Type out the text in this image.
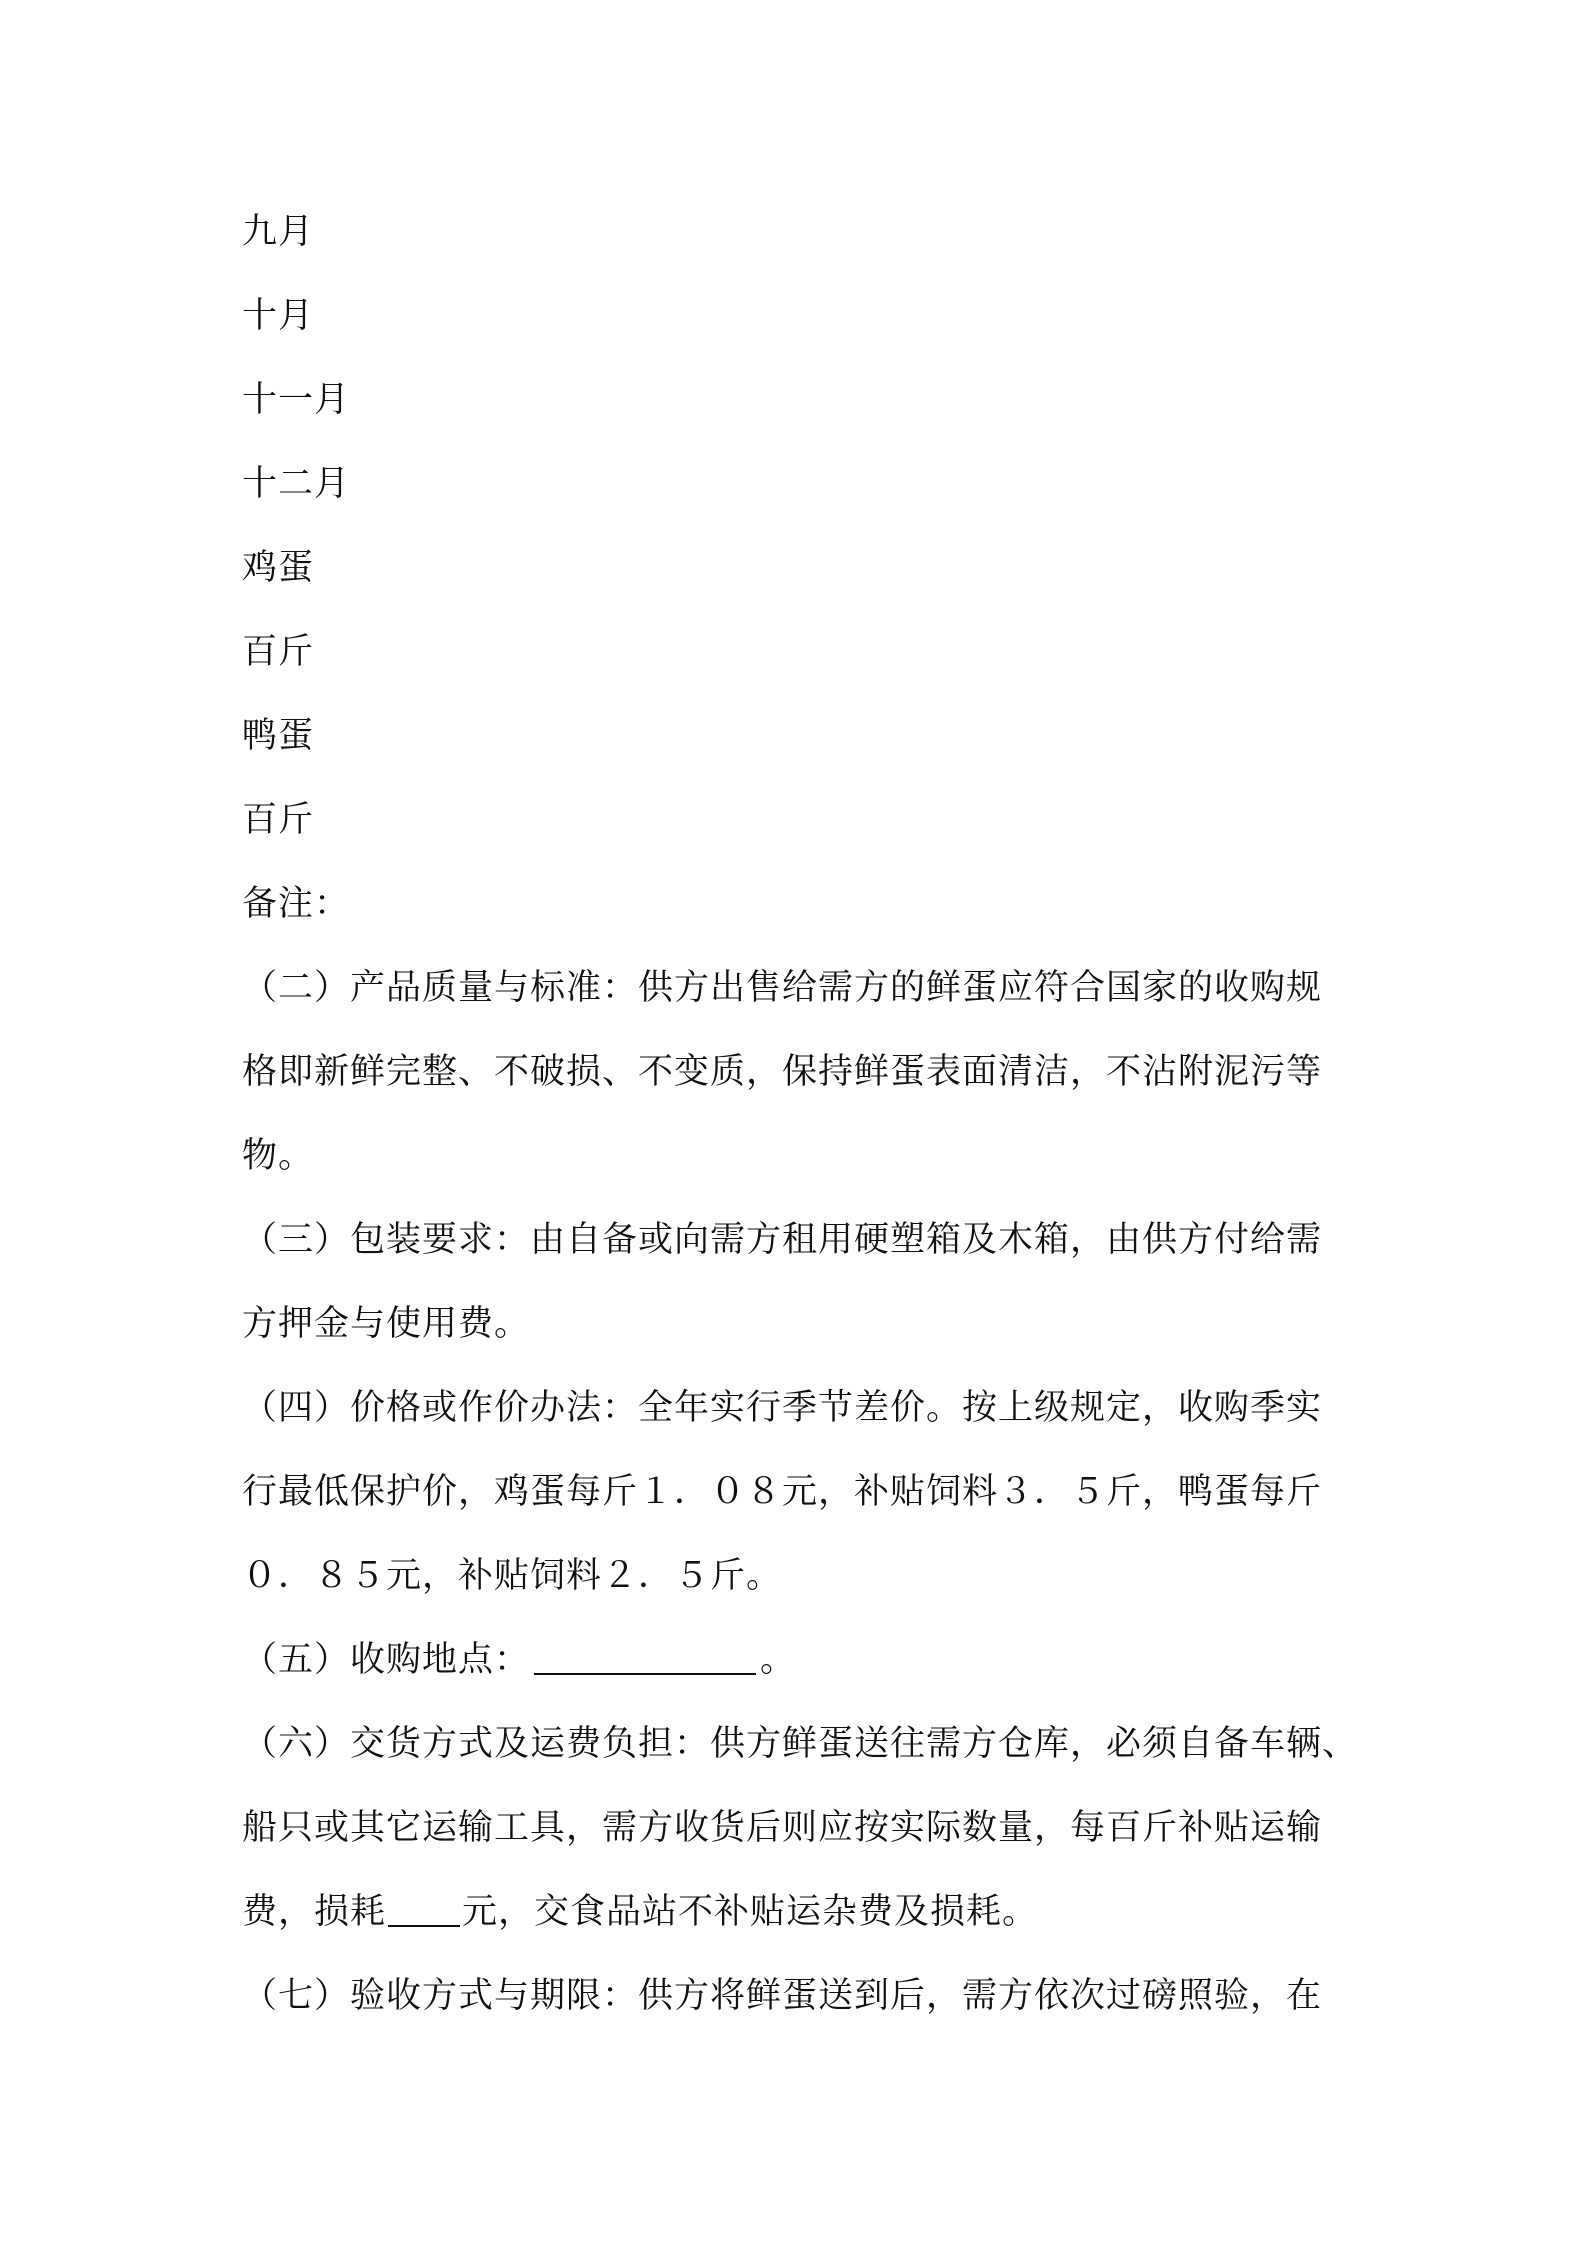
九月
十月
十一月
十二月
鸡蛋
百斤
鸭蛋
百斤
备注：
（二）产品质量与标准：供方出售给需方的鲜蛋应符合国家的收购规
格即新鲜完整、不破损、不变质，保持鲜蛋表面清洁，不沾附泥污等
物。
（三）包装要求：由自备或向需方租用硬塑箱及木箱，由供方付给需
方押金与使用费。
（四）价格或作价办法：全年实行季节差价。按上级规定，收购季实
行最低保护价，鸡蛋每斤１．０８元，补贴饲料３．５斤，鸭蛋每斤
０．８５元，补贴饲料２．５斤。
（五）收购地点：	。
（六）交货方式及运费负担：供方鲜蛋送往需方仓库，必须自备车辆、
船只或其它运输工具，需方收货后则应按实际数量，每百斤补贴运输
费，损耗 元，交食品站不补贴运杂费及损耗。
（七）验收方式与期限：供方将鲜蛋送到后，需方依次过磅照验，在
